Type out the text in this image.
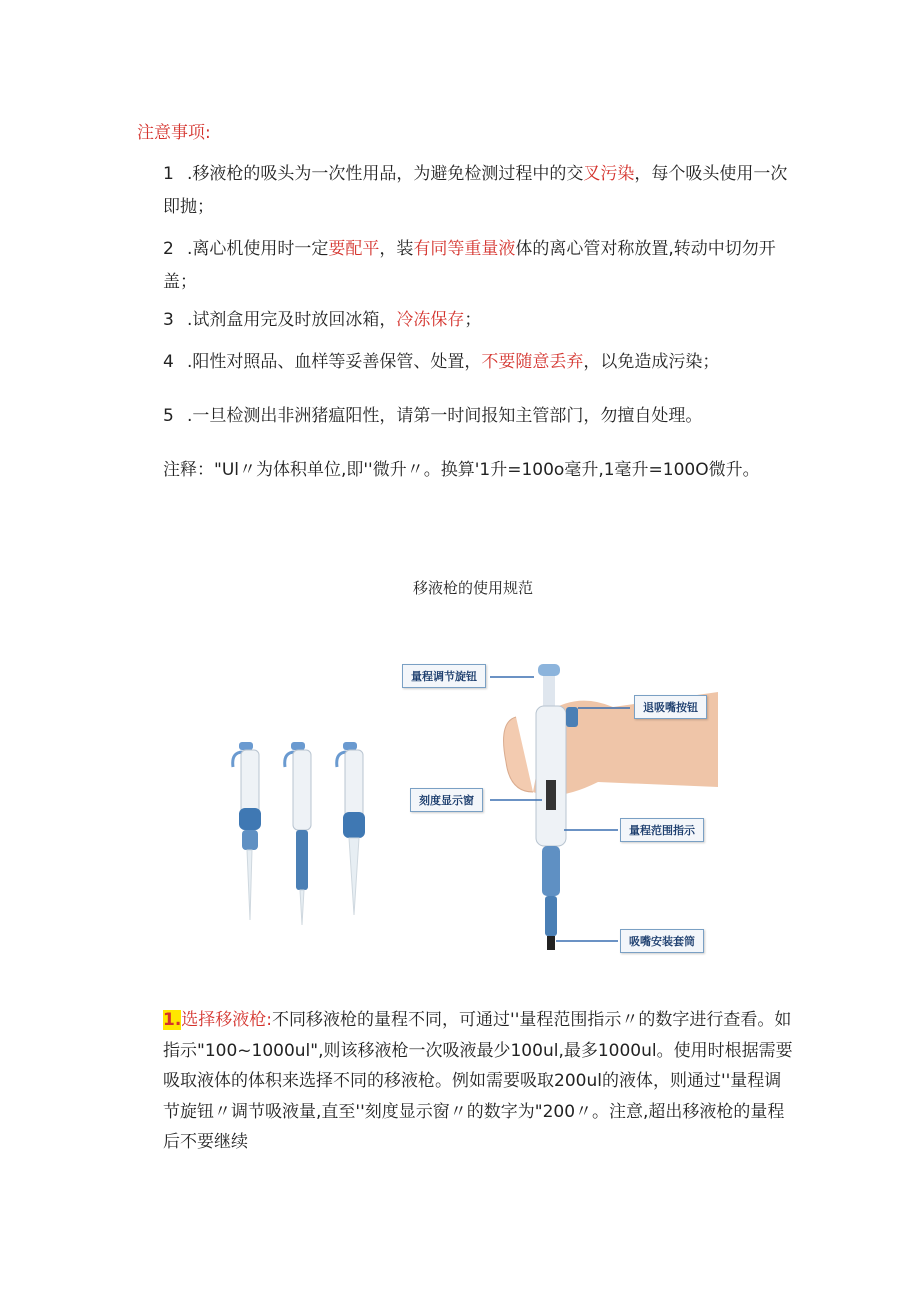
注意事项:
1 .移液枪的吸头为一次性用品，为避免检测过程中的交叉污染，每个吸头使用一次即抛；
2 .离心机使用时一定要配平，装有同等重量液体的离心管对称放置,转动中切勿开盖；
3 .试剂盒用完及时放回冰箱，冷冻保存；
4 .阳性对照品、血样等妥善保管、处置，不要随意丢弃，以免造成污染；
5 .一旦检测出非洲猪瘟阳性，请第一时间报知主管部门，勿擅自处理。
注释："Ul〃为体积单位,即''微升〃。换算'1升=100o毫升,1毫升=100O微升。
移液枪的使用规范
量程调节旋钮
退吸嘴按钮
刻度显示窗
量程范围指示
吸嘴安装套筒
1.选择移液枪:不同移液枪的量程不同，可通过''量程范围指示〃的数字进行查看。如指示"100~1000ul",则该移液枪一次吸液最少100ul,最多1000ul。使用时根据需要吸取液体的体积来选择不同的移液枪。例如需要吸取200ul的液体，则通过''量程调节旋钮〃调节吸液量,直至''刻度显示窗〃的数字为"200〃。注意,超出移液枪的量程后不要继续
